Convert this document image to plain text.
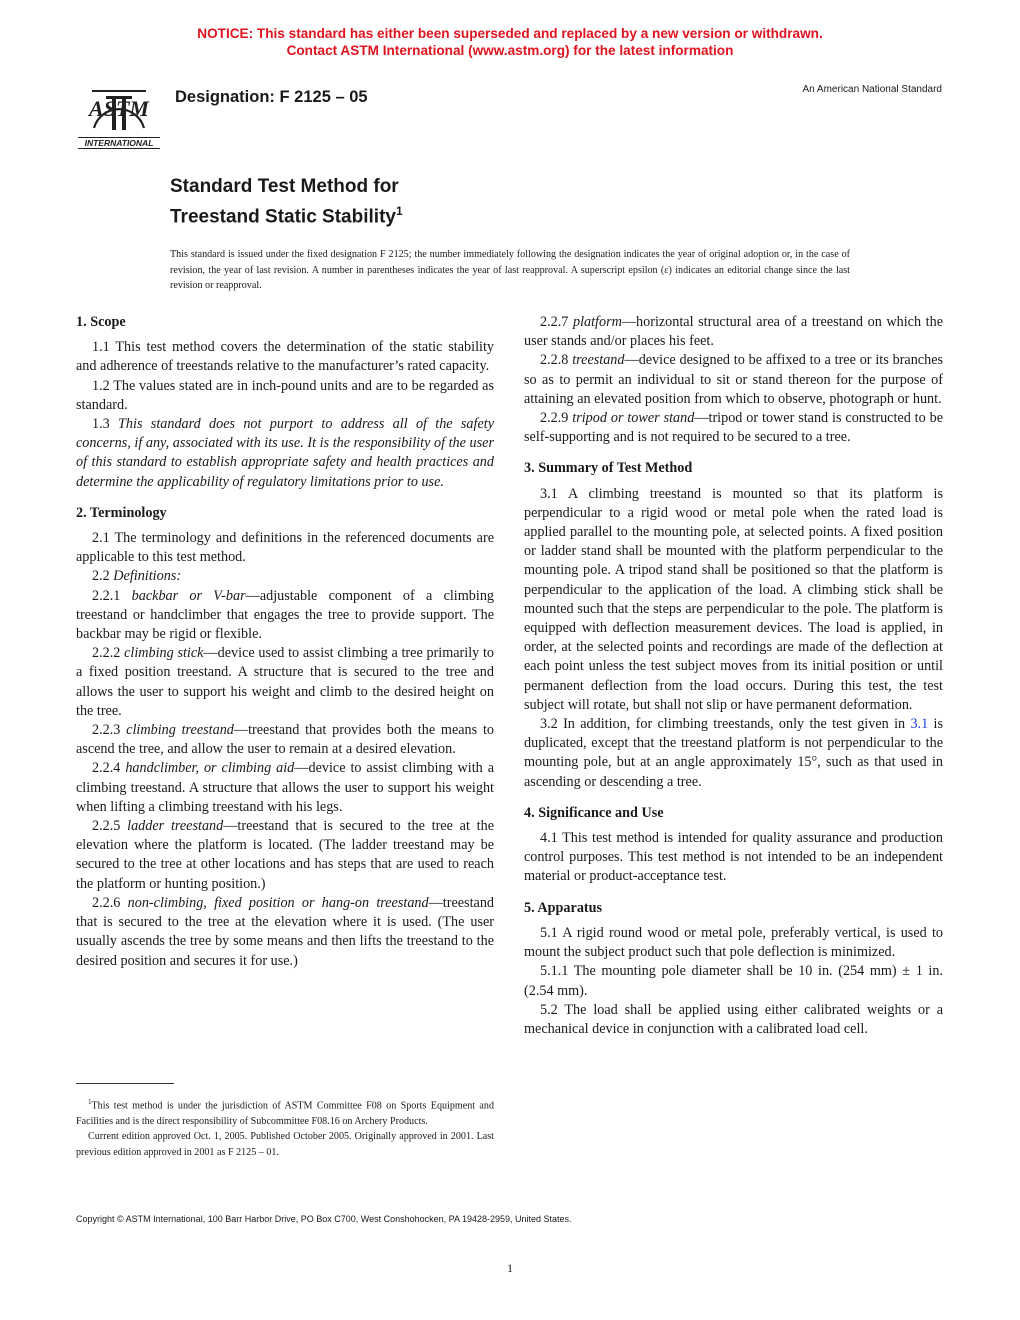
NOTICE: This standard has either been superseded and replaced by a new version or withdrawn.
Contact ASTM International (www.astm.org) for the latest information
ASTM
INTERNATIONAL
Designation: F 2125 – 05	An American National Standard
Standard Test Method for
Treestand Static Stability$^1$
This standard is issued under the fixed designation F 2125; the number immediately following the designation indicates the year of original adoption or, in the case of revision, the year of last revision. A number in parentheses indicates the year of last reapproval. A superscript epsilon (ε) indicates an editorial change since the last revision or reapproval.
1. Scope

1.1 This test method covers the determination of the static stability and adherence of treestands relative to the manufacturer’s rated capacity.

1.2 The values stated are in inch-pound units and are to be regarded as standard.

1.3 This standard does not purport to address all of the safety concerns, if any, associated with its use. It is the responsibility of the user of this standard to establish appropriate safety and health practices and determine the applicability of regulatory limitations prior to use.

2. Terminology

2.1 The terminology and definitions in the referenced documents are applicable to this test method.

2.2 Definitions:

2.2.1 backbar or V-bar—adjustable component of a climbing treestand or handclimber that engages the tree to provide support. The backbar may be rigid or flexible.

2.2.2 climbing stick—device used to assist climbing a tree primarily to a fixed position treestand. A structure that is secured to the tree and allows the user to support his weight and climb to the desired height on the tree.

2.2.3 climbing treestand—treestand that provides both the means to ascend the tree, and allow the user to remain at a desired elevation.

2.2.4 handclimber, or climbing aid—device to assist climbing with a climbing treestand. A structure that allows the user to support his weight when lifting a climbing treestand with his legs.

2.2.5 ladder treestand—treestand that is secured to the tree at the elevation where the platform is located. (The ladder treestand may be secured to the tree at other locations and has steps that are used to reach the platform or hunting position.)

2.2.6 non-climbing, fixed position or hang-on treestand—treestand that is secured to the tree at the elevation where it is used. (The user usually ascends the tree by some means and then lifts the treestand to the desired position and secures it for use.)

2.2.7 platform—horizontal structural area of a treestand on which the user stands and/or places his feet.

2.2.8 treestand—device designed to be affixed to a tree or its branches so as to permit an individual to sit or stand thereon for the purpose of attaining an elevated position from which to observe, photograph or hunt.

2.2.9 tripod or tower stand—tripod or tower stand is constructed to be self-supporting and is not required to be secured to a tree.

3. Summary of Test Method

3.1 A climbing treestand is mounted so that its platform is perpendicular to a rigid wood or metal pole when the rated load is applied parallel to the mounting pole, at selected points. A fixed position or ladder stand shall be mounted with the platform perpendicular to the mounting pole. A tripod stand shall be positioned so that the platform is perpendicular to the application of the load. A climbing stick shall be mounted such that the steps are perpendicular to the pole. The platform is equipped with deflection measurement devices. The load is applied, in order, at the selected points and recordings are made of the deflection at each point unless the test subject moves from its initial position or until permanent deflection from the load occurs. During this test, the test subject will rotate, but shall not slip or have permanent deformation.

3.2 In addition, for climbing treestands, only the test given in 3.1 is duplicated, except that the treestand platform is not perpendicular to the mounting pole, but at an angle approximately 15°, such as that used in ascending or descending a tree.

4. Significance and Use

4.1 This test method is intended for quality assurance and production control purposes. This test method is not intended to be an independent material or product-acceptance test.

5. Apparatus

5.1 A rigid round wood or metal pole, preferably vertical, is used to mount the subject product such that pole deflection is minimized.

5.1.1 The mounting pole diameter shall be 10 in. (254 mm) ± 1 in. (2.54 mm).

5.2 The load shall be applied using either calibrated weights or a mechanical device in conjunction with a calibrated load cell.

$^1$This test method is under the jurisdiction of ASTM Committee F08 on Sports Equipment and Facilities and is the direct responsibility of Subcommittee F08.16 on Archery Products.

Current edition approved Oct. 1, 2005. Published October 2005. Originally approved in 2001. Last previous edition approved in 2001 as F 2125 – 01.

Copyright © ASTM International, 100 Barr Harbor Drive, PO Box C700, West Conshohocken, PA 19428-2959, United States.
1
